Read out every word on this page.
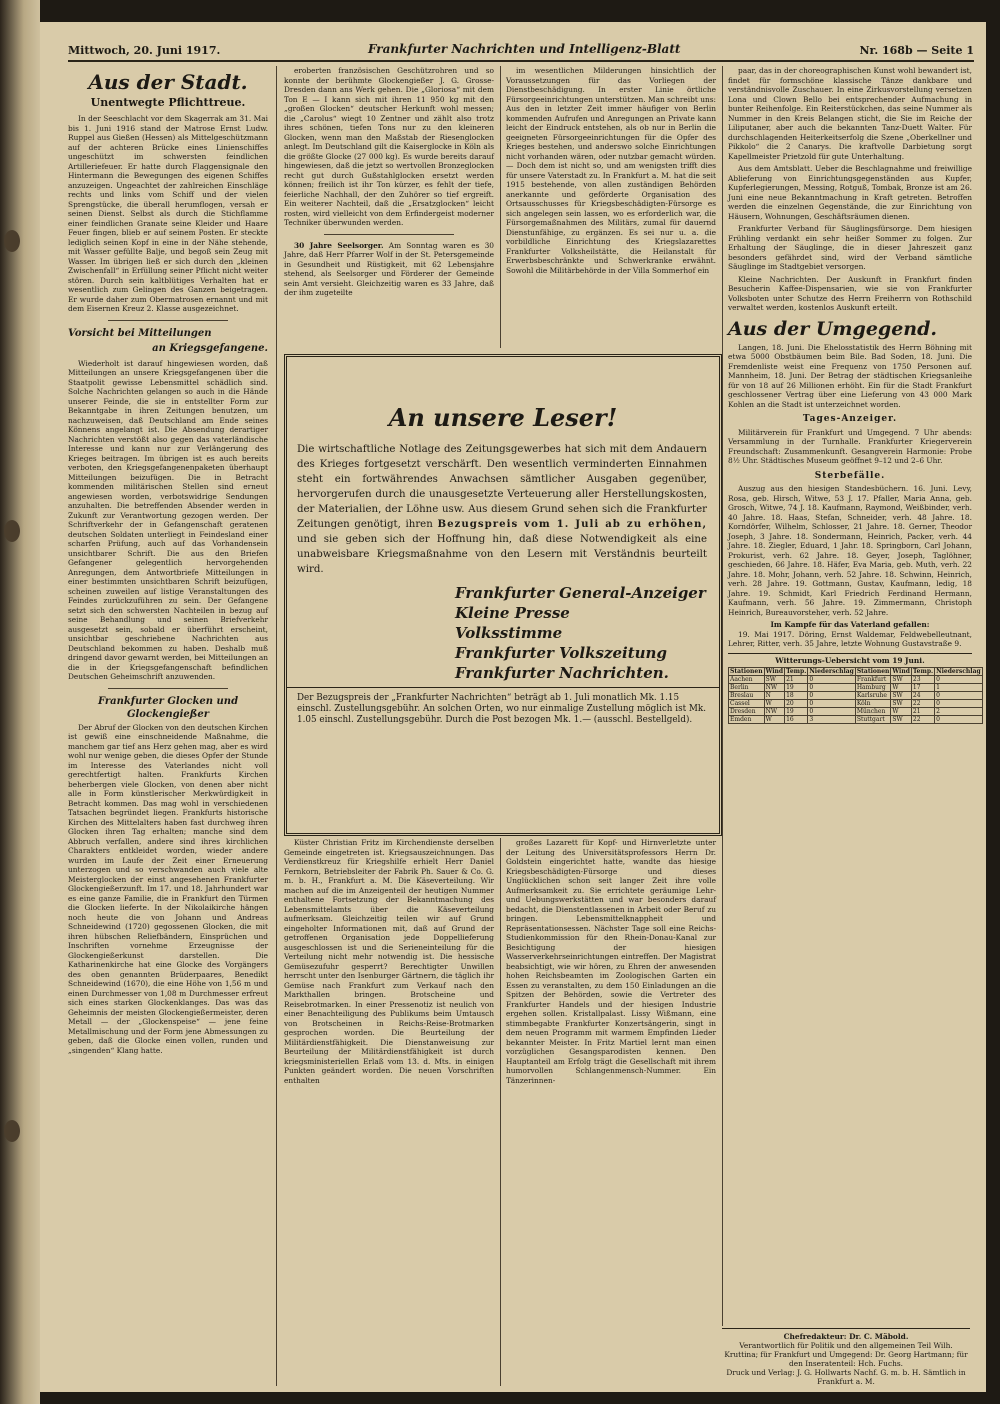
Mittwoch, 20. Juni 1917.	Frankfurter Nachrichten und Intelligenz-Blatt	Nr. 168b — Seite 1
Aus der Stadt.
Unentwegte Pflichttreue.

In der Seeschlacht vor dem Skagerrak am 31. Mai bis 1. Juni 1916 stand der Matrose Ernst Ludw. Ruppel aus Gießen (Hessen) als Mittelgeschützmann auf der achteren Brücke eines Linienschiffes ungeschützt im schwersten feindlichen Artilleriefeuer. Er hatte durch Flaggensignale den Hintermann die Bewegungen des eigenen Schiffes anzuzeigen. Ungeachtet der zahlreichen Einschläge rechts und links vom Schiff und der vielen Sprengstücke, die überall herumflogen, versah er seinen Dienst. Selbst als durch die Stichflamme einer feindlichen Granate seine Kleider und Haare Feuer fingen, blieb er auf seinem Posten. Er steckte lediglich seinen Kopf in eine in der Nähe stehende, mit Wasser gefüllte Balje, und begoß sein Zeug mit Wasser. Im übrigen ließ er sich durch den „kleinen Zwischenfall“ in Erfüllung seiner Pflicht nicht weiter stören. Durch sein kaltblütiges Verhalten hat er wesentlich zum Gelingen des Ganzen beigetragen. Er wurde daher zum Obermatrosen ernannt und mit dem Eisernen Kreuz 2. Klasse ausgezeichnet.

Vorsicht bei Mitteilungen
an Kriegsgefangene.

Wiederholt ist darauf hingewiesen worden, daß Mitteilungen an unsere Kriegsgefangenen über die Staatpolit gewisse Lebensmittel schädlich sind. Solche Nachrichten gelangen so auch in die Hände unserer Feinde, die sie in entstellter Form zur Bekanntgabe in ihren Zeitungen benutzen, um nachzuweisen, daß Deutschland am Ende seines Könnens angelangt ist. Die Absendung derartiger Nachrichten verstößt also gegen das vaterländische Interesse und kann nur zur Verlängerung des Krieges beitragen. Im übrigen ist es auch bereits verboten, den Kriegsgefangenenpaketen überhaupt Mitteilungen beizufügen. Die in Betracht kommenden militärischen Stellen sind erneut angewiesen worden, verbotswidrige Sendungen anzuhalten. Die betreffenden Absender werden in Zukunft zur Verantwortung gezogen werden. Der Schriftverkehr der in Gefangenschaft geratenen deutschen Soldaten unterliegt in Feindesland einer scharfen Prüfung, auch auf das Vorhandensein unsichtbarer Schrift. Die aus den Briefen Gefangener gelegentlich hervorgehenden Anregungen, dem Antwortbriefe Mitteilungen in einer bestimmten unsichtbaren Schrift beizufügen, scheinen zuweilen auf listige Veranstaltungen des Feindes zurückzuführen zu sein. Der Gefangene setzt sich den schwersten Nachteilen in bezug auf seine Behandlung und seinen Briefverkehr ausgesetzt sein, sobald er überführt erscheint, unsichtbar geschriebene Nachrichten aus Deutschland bekommen zu haben. Deshalb muß dringend davor gewarnt werden, bei Mitteilungen an die in der Kriegsgefangenschaft befindlichen Deutschen Geheimschrift anzuwenden.

Frankfurter Glocken und Glockengießer

Der Abruf der Glocken von den deutschen Kirchen ist gewiß eine einschneidende Maßnahme, die manchem gar tief ans Herz gehen mag, aber es wird wohl nur wenige geben, die dieses Opfer der Stunde im Interesse des Vaterlandes nicht voll gerechtfertigt halten. Frankfurts Kirchen beherbergen viele Glocken, von denen aber nicht alle in Form künstlerischer Merkwürdigkeit in Betracht kommen. Das mag wohl in verschiedenen Tatsachen begründet liegen. Frankfurts historische Kirchen des Mittelalters haben fast durchweg ihren Glocken ihren Tag erhalten; manche sind dem Abbruch verfallen, andere sind ihres kirchlichen Charakters entkleidet worden, wieder andere wurden im Laufe der Zeit einer Erneuerung unterzogen und so verschwanden auch viele alte Meisterglocken der einst angesehenen Frankfurter Glockengießerzunft. Im 17. und 18. Jahrhundert war es eine ganze Familie, die in Frankfurt den Türmen die Glocken lieferte. In der Nikolaikirche hängen noch heute die von Johann und Andreas Schneidewind (1720) gegossenen Glocken, die mit ihren hübschen Reliefbändern, Einsprüchen und Inschriften vornehme Erzeugnisse der Glockengießerkunst darstellen. Die Katharinenkirche hat eine Glocke des Vorgängers des oben genannten Brüderpaares, Benedikt Schneidewind (1670), die eine Höhe von 1,56 m und einen Durchmesser von 1,08 m Durchmesser erfreut sich eines starken Glockenklanges. Das was das Geheimnis der meisten Glockengießermeister, deren Metall — der „Glockenspeise“ — jene feine Metallmischung und der Form jene Abmessungen zu geben, daß die Glocke einen vollen, runden und „singenden“ Klang hatte.

eroberten französischen Geschützrohren und so konnte der berühmte Glockengießer J. G. Grosse-Dresden dann ans Werk gehen. Die „Gloriosa“ mit dem Ton E — I kann sich mit ihren 11 950 kg mit den „großen Glocken“ deutscher Herkunft wohl messen; die „Carolus“ wiegt 10 Zentner und zählt also trotz ihres schönen, tiefen Tons nur zu den kleineren Glocken, wenn man den Maßstab der Riesenglocken anlegt. Im Deutschland gilt die Kaiserglocke in Köln als die größte Glocke (27 000 kg). Es wurde bereits darauf hingewiesen, daß die jetzt so wertvollen Bronzeglocken recht gut durch Gußstahlglocken ersetzt werden können; freilich ist ihr Ton kürzer, es fehlt der tiefe, feierliche Nachhall, der den Zuhörer so tief ergreift. Ein weiterer Nachteil, daß die „Ersatzglocken“ leicht rosten, wird vielleicht von dem Erfindergeist moderner Techniker überwunden werden.

30 Jahre Seelsorger. Am Sonntag waren es 30 Jahre, daß Herr Pfarrer Wolf in der St. Petersgemeinde in Gesundheit und Rüstigkeit, mit 62 Lebensjahre stehend, als Seelsorger und Förderer der Gemeinde sein Amt versieht. Gleichzeitig waren es 33 Jahre, daß der ihm zugeteilte

im wesentlichen Milderungen hinsichtlich der Voraussetzungen für das Vorliegen der Dienstbeschädigung. In erster Linie örtliche Fürsorgeeinrichtungen unterstützen. Man schreibt uns: Aus den in letzter Zeit immer häufiger von Berlin kommenden Aufrufen und Anregungen an Private kann leicht der Eindruck entstehen, als ob nur in Berlin die geeigneten Fürsorgeeinrichtungen für die Opfer des Krieges bestehen, und anderswo solche Einrichtungen nicht vorhanden wären, oder nutzbar gemacht würden. — Doch dem ist nicht so, und am wenigsten trifft dies für unsere Vaterstadt zu. In Frankfurt a. M. hat die seit 1915 bestehende, von allen zuständigen Behörden anerkannte und geförderte Organisation des Ortsausschusses für Kriegsbeschädigten-Fürsorge es sich angelegen sein lassen, wo es erforderlich war, die Fürsorgemaßnahmen des Militärs, zumal für dauernd Dienstunfähige, zu ergänzen. Es sei nur u. a. die vorbildliche Einrichtung des Kriegslazarettes Frankfurter Volksheilstätte, die Heilanstalt für Erwerbsbeschränkte und Schwerkranke erwähnt. Sowohl die Militärbehörde in der Villa Sommerhof ein

An unsere Leser!
Die wirtschaftliche Notlage des Zeitungsgewerbes hat sich mit dem Andauern des Krieges fortgesetzt verschärft. Den wesentlich verminderten Einnahmen steht ein fortwährendes Anwachsen sämtlicher Ausgaben gegenüber, hervorgerufen durch die unausgesetzte Verteuerung aller Herstellungskosten, der Materialien, der Löhne usw. Aus diesem Grund sehen sich die Frankfurter Zeitungen genötigt, ihren Bezugspreis vom 1. Juli ab zu erhöhen, und sie geben sich der Hoffnung hin, daß diese Notwendigkeit als eine unabweisbare Kriegsmaßnahme von den Lesern mit Verständnis beurteilt wird.
Frankfurter General-Anzeiger
Kleine Presse
Volksstimme
Frankfurter Volkszeitung
Frankfurter Nachrichten.
Der Bezugspreis der „Frankfurter Nachrichten“ beträgt ab 1. Juli monatlich Mk. 1.15 einschl. Zustellungsgebühr. An solchen Orten, wo nur einmalige Zustellung möglich ist Mk. 1.05 einschl. Zustellungsgebühr. Durch die Post bezogen Mk. 1.— (ausschl. Bestellgeld).

Küster Christian Fritz im Kirchendienste derselben Gemeinde eingetreten ist. Kriegsauszeichnungen. Das Verdienstkreuz für Kriegshilfe erhielt Herr Daniel Fernkorn, Betriebsleiter der Fabrik Ph. Sauer & Co. G. m. b. H., Frankfurt a. M. Die Käseverteilung. Wir machen auf die im Anzeigenteil der heutigen Nummer enthaltene Fortsetzung der Bekanntmachung des Lebensmittelamts über die Käseverteilung aufmerksam. Gleichzeitig teilen wir auf Grund eingeholter Informationen mit, daß auf Grund der getroffenen Organisation jede Doppellieferung ausgeschlossen ist und die Serieneinteilung für die Verteilung nicht mehr notwendig ist. Die hessische Gemüsezufuhr gesperrt? Berechtigter Unwillen herrscht unter den Isenburger Gärtnern, die täglich ihr Gemüse nach Frankfurt zum Verkauf nach den Markthallen bringen. Brotscheine und Reisebrotmarken. In einer Pressenotiz ist neulich von einer Benachteiligung des Publikums beim Umtausch von Brotscheinen in Reichs-Reise-Brotmarken gesprochen worden. Die Beurteilung der Militärdienstfähigkeit. Die Dienstanweisung zur Beurteilung der Militärdienstfähigkeit ist durch kriegsministeriellen Erlaß vom 13. d. Mts. in einigen Punkten geändert worden. Die neuen Vorschriften enthalten

großes Lazarett für Kopf- und Hirnverletzte unter der Leitung des Universitätsprofessors Herrn Dr. Goldstein eingerichtet hatte, wandte das hiesige Kriegsbeschädigten-Fürsorge und dieses Unglücklichen schon seit langer Zeit ihre volle Aufmerksamkeit zu. Sie errichtete geräumige Lehr- und Uebungswerkstätten und war besonders darauf bedacht, die Dienstentlassenen in Arbeit oder Beruf zu bringen. Lebensmittelknappheit und Repräsentationsessen. Nächster Tage soll eine Reichs-Studienkommission für den Rhein-Donau-Kanal zur Besichtigung der hiesigen Wasserverkehrseinrichtungen eintreffen. Der Magistrat beabsichtigt, wie wir hören, zu Ehren der anwesenden hohen Reichsbeamten im Zoologischen Garten ein Essen zu veranstalten, zu dem 150 Einladungen an die Spitzen der Behörden, sowie die Vertreter des Frankfurter Handels und der hiesigen Industrie ergehen sollen. Kristallpalast. Lissy Wißmann, eine stimmbegabte Frankfurter Konzertsängerin, singt in dem neuen Programm mit warmem Empfinden Lieder bekannter Meister. In Fritz Martiel lernt man einen vorzüglichen Gesangsparodisten kennen. Den Hauptanteil am Erfolg trägt die Gesellschaft mit ihrem humorvollen Schlangenmensch-Nummer. Ein Tänzerinnen-

paar, das in der choreographischen Kunst wohl bewandert ist, findet für formschöne klassische Tänze dankbare und verständnisvolle Zuschauer. In eine Zirkusvorstellung versetzen Lona und Clown Bello bei entsprechender Aufmachung in bunter Reihenfolge. Ein Reiterstückchen, das seine Nummer als Nummer in den Kreis Belangen sticht, die Sie im Reiche der Liliputaner, aber auch die bekannten Tanz-Duett Walter. Für durchschlagenden Heiterkeitserfolg die Szene „Oberkellner und Pikkolo“ die 2 Canarys. Die kraftvolle Darbietung sorgt Kapellmeister Prietzold für gute Unterhaltung.

Aus dem Amtsblatt. Ueber die Beschlagnahme und freiwillige Ablieferung von Einrichtungsgegenständen aus Kupfer, Kupferlegierungen, Messing, Rotguß, Tombak, Bronze ist am 26. Juni eine neue Bekanntmachung in Kraft getreten. Betroffen werden die einzelnen Gegenstände, die zur Einrichtung von Häusern, Wohnungen, Geschäftsräumen dienen.

Frankfurter Verband für Säuglingsfürsorge. Dem hiesigen Frühling verdankt ein sehr heißer Sommer zu folgen. Zur Erhaltung der Säuglinge, die in dieser Jahreszeit ganz besonders gefährdet sind, wird der Verband sämtliche Säuglinge im Stadtgebiet versorgen.

Kleine Nachrichten. Der Auskunft in Frankfurt finden Besucherin Kaffee-Dispensarien, wie sie von Frankfurter Volksboten unter Schutze des Herrn Freiherrn von Rothschild verwaltet werden, kostenlos Auskunft erteilt.

Aus der Umgegend.

Langen, 18. Juni. Die Ehelosstatistik des Herrn Böhning mit etwa 5000 Obstbäumen beim Bile. Bad Soden, 18. Juni. Die Fremdenliste weist eine Frequenz von 1750 Personen auf. Mannheim, 18. Juni. Der Betrag der städtischen Kriegsanleihe für von 18 auf 26 Millionen erhöht. Ein für die Stadt Frankfurt geschlossener Vertrag über eine Lieferung von 43 000 Mark Kohlen an die Stadt ist unterzeichnet worden.

Tages-Anzeiger.

Militärverein für Frankfurt und Umgegend. 7 Uhr abends: Versammlung in der Turnhalle. Frankfurter Kriegerverein Freundschaft: Zusammenkunft. Gesangverein Harmonie: Probe 8½ Uhr. Städtisches Museum geöffnet 9–12 und 2–6 Uhr.

Sterbefälle.

Auszug aus den hiesigen Standesbüchern. 16. Juni. Levy, Rosa, geb. Hirsch, Witwe, 53 J. 17. Pfaller, Maria Anna, geb. Grosch, Witwe, 74 J. 18. Kaufmann, Raymond, Weißbinder, verh. 40 Jahre. 18. Haas, Stefan, Schneider, verh. 48 Jahre. 18. Korndörfer, Wilhelm, Schlosser, 21 Jahre. 18. Gerner, Theodor Joseph, 3 Jahre. 18. Sondermann, Heinrich, Packer, verh. 44 Jahre. 18. Ziegler, Eduard, 1 Jahr. 18. Springborn, Carl Johann, Prokurist, verh. 62 Jahre. 18. Geyer, Joseph, Taglöhner, geschieden, 66 Jahre. 18. Häfer, Eva Maria, geb. Muth, verh. 22 Jahre. 18. Mohr, Johann, verh. 52 Jahre. 18. Schwinn, Heinrich, verh. 28 Jahre. 19. Gottmann, Gustav, Kaufmann, ledig, 18 Jahre. 19. Schmidt, Karl Friedrich Ferdinand Hermann, Kaufmann, verh. 56 Jahre. 19. Zimmermann, Christoph Heinrich, Bureauvorsteher, verh. 52 Jahre.

Im Kampfe für das Vaterland gefallen:

19. Mai 1917. Döring, Ernst Waldemar, Feldwebelleutnant, Lehrer, Ritter, verh. 35 Jahre, letzte Wohnung Gustavstraße 9.

Witterungs-Uebersicht vom 19 Juni.
Stationen	Wind	Temp.	Niederschlag	Stationen	Wind	Temp.	Niederschlag
Aachen	SW	21	0	Frankfurt	SW	23	0
Berlin	NW	19	0	Hamburg	W	17	1
Breslau	N	18	0	Karlsruhe	SW	24	0
Cassel	W	20	0	Köln	SW	22	0
Dresden	NW	19	0	München	W	21	2
Emden	W	16	3	Stuttgart	SW	22	0
Chefredakteur: Dr. C. Mäbold.
Verantwortlich für Politik und den allgemeinen Teil Wilh. Kruttina; für Frankfurt und Umgegend: Dr. Georg Hartmann; für den Inseratenteil: Hch. Fuchs.
Druck und Verlag: J. G. Hollwarts Nachf. G. m. b. H. Sämtlich in Frankfurt a. M.
